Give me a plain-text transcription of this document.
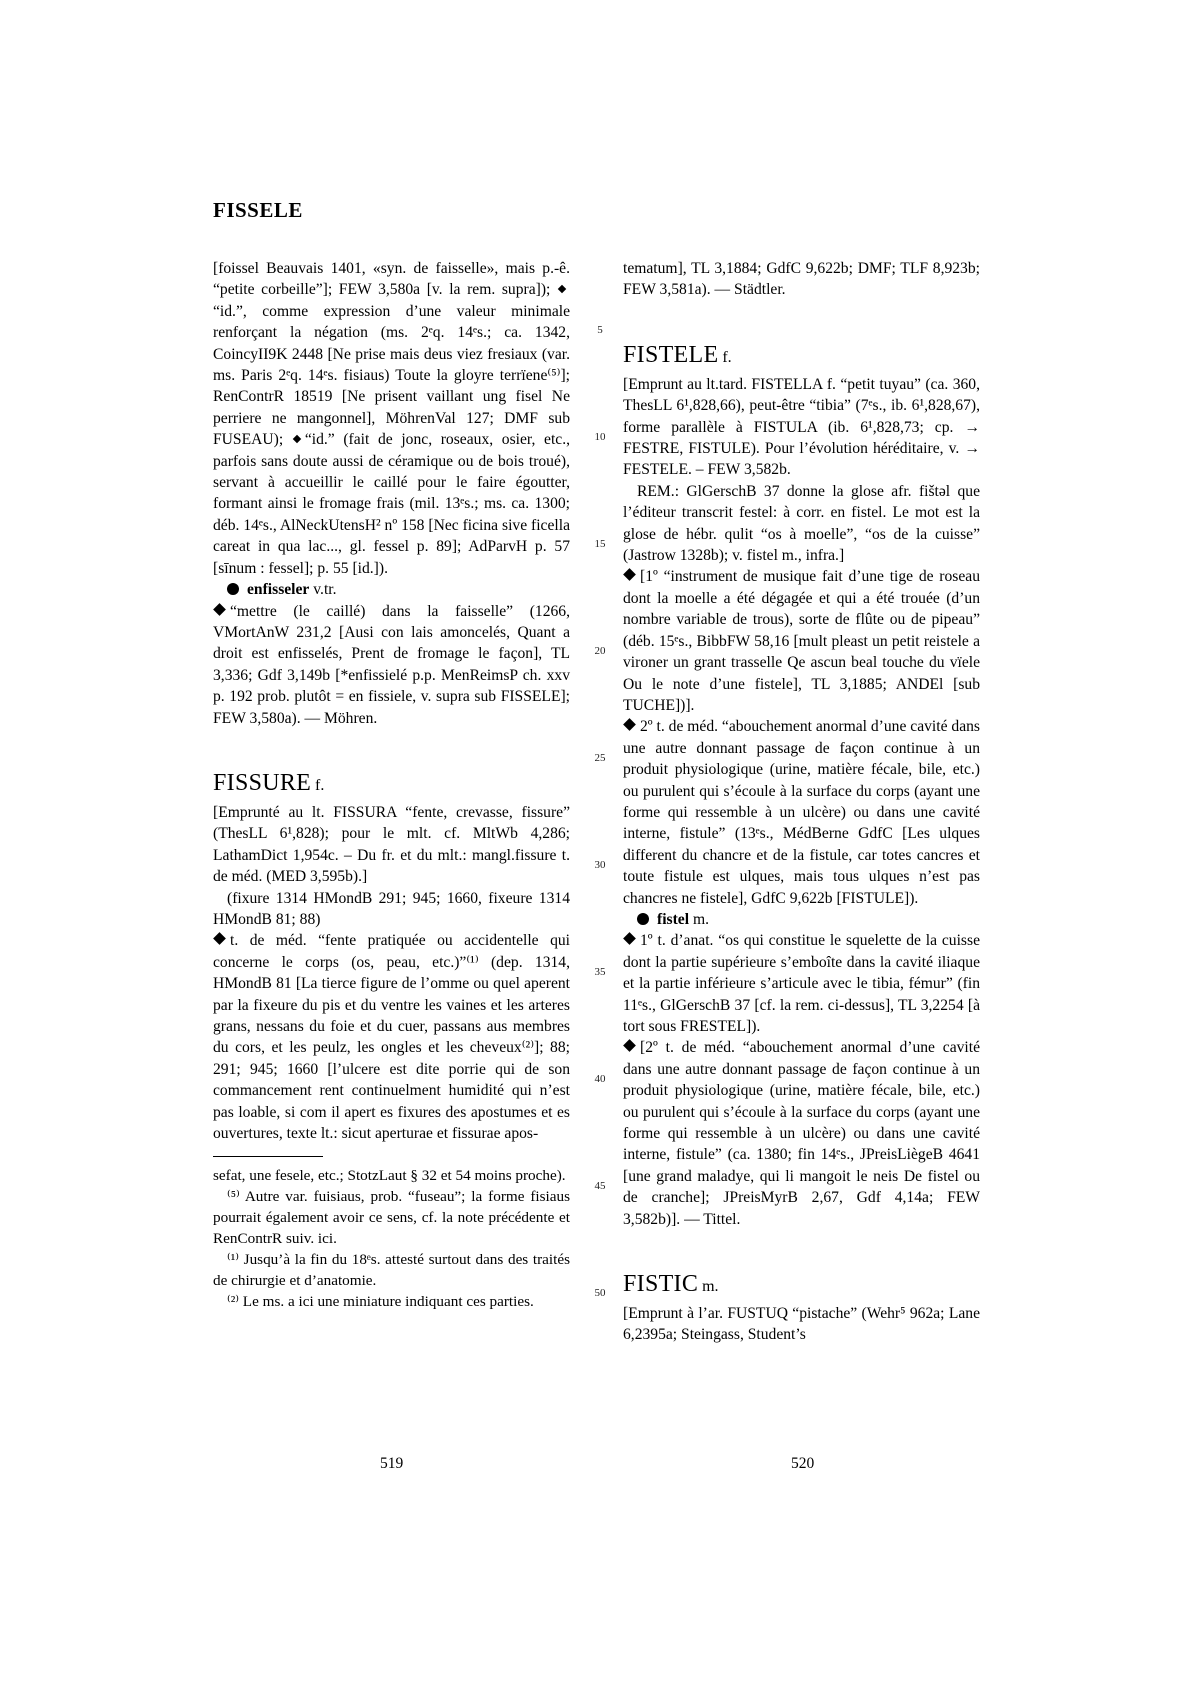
FISSELE

[foissel Beauvais 1401, «syn. de faisselle», mais p.-ê. “petite corbeille”]; FEW 3,580a [v. la rem. supra]); “id.”, comme expression d’une valeur minimale renforçant la négation (ms. 2ᵉq. 14ᵉs.; ca. 1342, CoincyII9K 2448 [Ne prise mais deus viez fresiaux (var. ms. Paris 2ᵉq. 14ᵉs. fisiaus) Toute la gloyre terrïene⁽⁵⁾]; RenContrR 18519 [Ne prisent vaillant ung fisel Ne perriere ne mangonnel], MöhrenVal 127; DMF sub FUSEAU); “id.” (fait de jonc, roseaux, osier, etc., parfois sans doute aussi de céramique ou de bois troué), servant à accueillir le caillé pour le faire égoutter, formant ainsi le fromage frais (mil. 13ᵉs.; ms. ca. 1300; déb. 14ᵉs., AlNeckUtensH² nº 158 [Nec ficina sive ficella careat in qua lac..., gl. fessel p. 89]; AdParvH p. 57 [sīnum : fessel]; p. 55 [id.]).

enfisseler v.tr.

“mettre (le caillé) dans la faisselle” (1266, VMortAnW 231,2 [Ausi con lais amoncelés, Quant a droit est enfisselés, Prent de fromage le façon], TL 3,336; Gdf 3,149b [*enfissielé p.p. MenReimsP ch. xxv p. 192 prob. plutôt = en fissiele, v. supra sub FISSELE]; FEW 3,580a). — Möhren.

FISSURE f.

[Emprunté au lt. FISSURA “fente, crevasse, fissure” (ThesLL 6¹,828); pour le mlt. cf. MltWb 4,286; LathamDict 1,954c. – Du fr. et du mlt.: mangl.fissure t. de méd. (MED 3,595b).]

(fixure 1314 HMondB 291; 945; 1660, fixeure 1314 HMondB 81; 88)

t. de méd. “fente pratiquée ou accidentelle qui concerne le corps (os, peau, etc.)”⁽¹⁾ (dep. 1314, HMondB 81 [La tierce figure de l’omme ou quel aperent par la fixeure du pis et du ventre les vaines et les arteres grans, nessans du foie et du cuer, passans aus membres du cors, et les peulz, les ongles et les cheveux⁽²⁾]; 88; 291; 945; 1660 [l’ulcere est dite porrie qui de son commancement rent continuelment humidité qui n’est pas loable, si com il apert es fixures des apostumes et es ouvertures, texte lt.: sicut aperturae et fissurae apos-

sefat, une fesele, etc.; StotzLaut § 32 et 54 moins proche).

⁽⁵⁾ Autre var. fuisiaus, prob. “fuseau”; la forme fisiaus pourrait également avoir ce sens, cf. la note précédente et RenContrR suiv. ici.

⁽¹⁾ Jusqu’à la fin du 18ᵉs. attesté surtout dans des traités de chirurgie et d’anatomie.

⁽²⁾ Le ms. a ici une miniature indiquant ces parties.

5
10
15
20
25
30
35
40
45
50

tematum], TL 3,1884; GdfC 9,622b; DMF; TLF 8,923b; FEW 3,581a). — Städtler.

FISTELE f.

[Emprunt au lt.tard. FISTELLA f. “petit tuyau” (ca. 360, ThesLL 6¹,828,66), peut-être “tibia” (7ᵉs., ib. 6¹,828,67), forme parallèle à FISTULA (ib. 6¹,828,73; cp. → FESTRE, FISTULE). Pour l’évolution héréditaire, v. → FESTELE. – FEW 3,582b.

REM.: GlGerschB 37 donne la glose afr. fištəl que l’éditeur transcrit festel: à corr. en fistel. Le mot est la glose de hébr. qulit “os à moelle”, “os de la cuisse” (Jastrow 1328b); v. fistel m., infra.]

[1º “instrument de musique fait d’une tige de roseau dont la moelle a été dégagée et qui a été trouée (d’un nombre variable de trous), sorte de flûte ou de pipeau” (déb. 15ᵉs., BibbFW 58,16 [mult pleast un petit reistele a vironer un grant trasselle Qe ascun beal touche du vïele Ou le note d’une fistele], TL 3,1885; ANDEl [sub TUCHE])].

2º t. de méd. “abouchement anormal d’une cavité dans une autre donnant passage de façon continue à un produit physiologique (urine, matière fécale, bile, etc.) ou purulent qui s’écoule à la surface du corps (ayant une forme qui ressemble à un ulcère) ou dans une cavité interne, fistule” (13ᵉs., MédBerne GdfC [Les ulques different du chancre et de la fistule, car totes cancres et toute fistule est ulques, mais tous ulques n’est pas chancres ne fistele], GdfC 9,622b [FISTULE]).

fistel m.

1º t. d’anat. “os qui constitue le squelette de la cuisse dont la partie supérieure s’emboîte dans la cavité iliaque et la partie inférieure s’articule avec le tibia, fémur” (fin 11ᵉs., GlGerschB 37 [cf. la rem. ci-dessus], TL 3,2254 [à tort sous FRESTEL]).

[2º t. de méd. “abouchement anormal d’une cavité dans une autre donnant passage de façon continue à un produit physiologique (urine, matière fécale, bile, etc.) ou purulent qui s’écoule à la surface du corps (ayant une forme qui ressemble à un ulcère) ou dans une cavité interne, fistule” (ca. 1380; fin 14ᵉs., JPreisLiègeB 4641 [une grand maladye, qui li mangoit le neis De fistel ou de cranche]; JPreisMyrB 2,67, Gdf 4,14a; FEW 3,582b)]. — Tittel.

FISTIC m.

[Emprunt à l’ar. FUSTUQ “pistache” (Wehr⁵ 962a; Lane 6,2395a; Steingass, Student’s

519	520
